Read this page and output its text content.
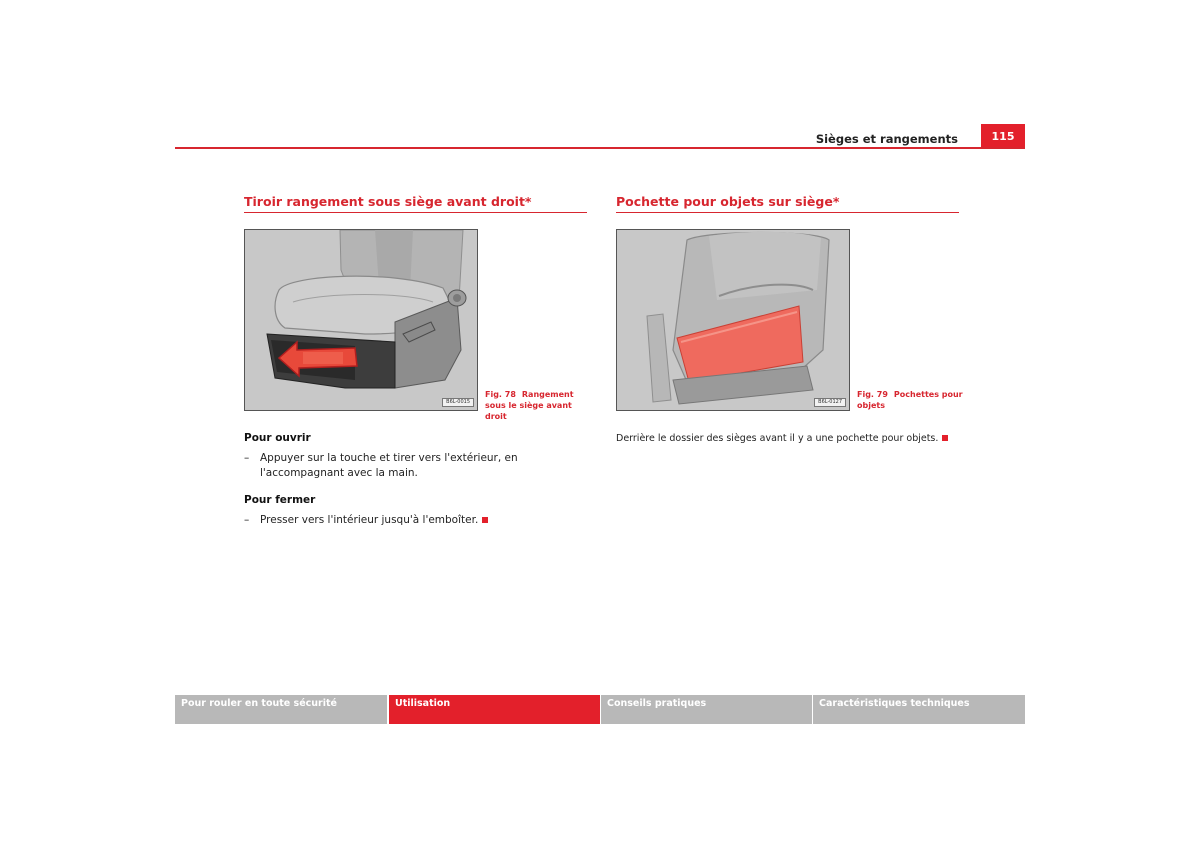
Sièges et rangements	115
Tiroir rangement sous siège avant droit*
B6L-0015
Fig. 78 Rangement sous le siège avant droit
Pour ouvrir
–	Appuyer sur la touche et tirer vers l'extérieur, en l'accompagnant avec la main.
Pour fermer
–	Presser vers l'intérieur jusqu'à l'emboîter.
Pochette pour objets sur siège*
B6L-0127
Fig. 79 Pochettes pour objets
Derrière le dossier des sièges avant il y a une pochette pour objets.
Pour rouler en toute sécurité	Utilisation	Conseils pratiques	Caractéristiques techniques
